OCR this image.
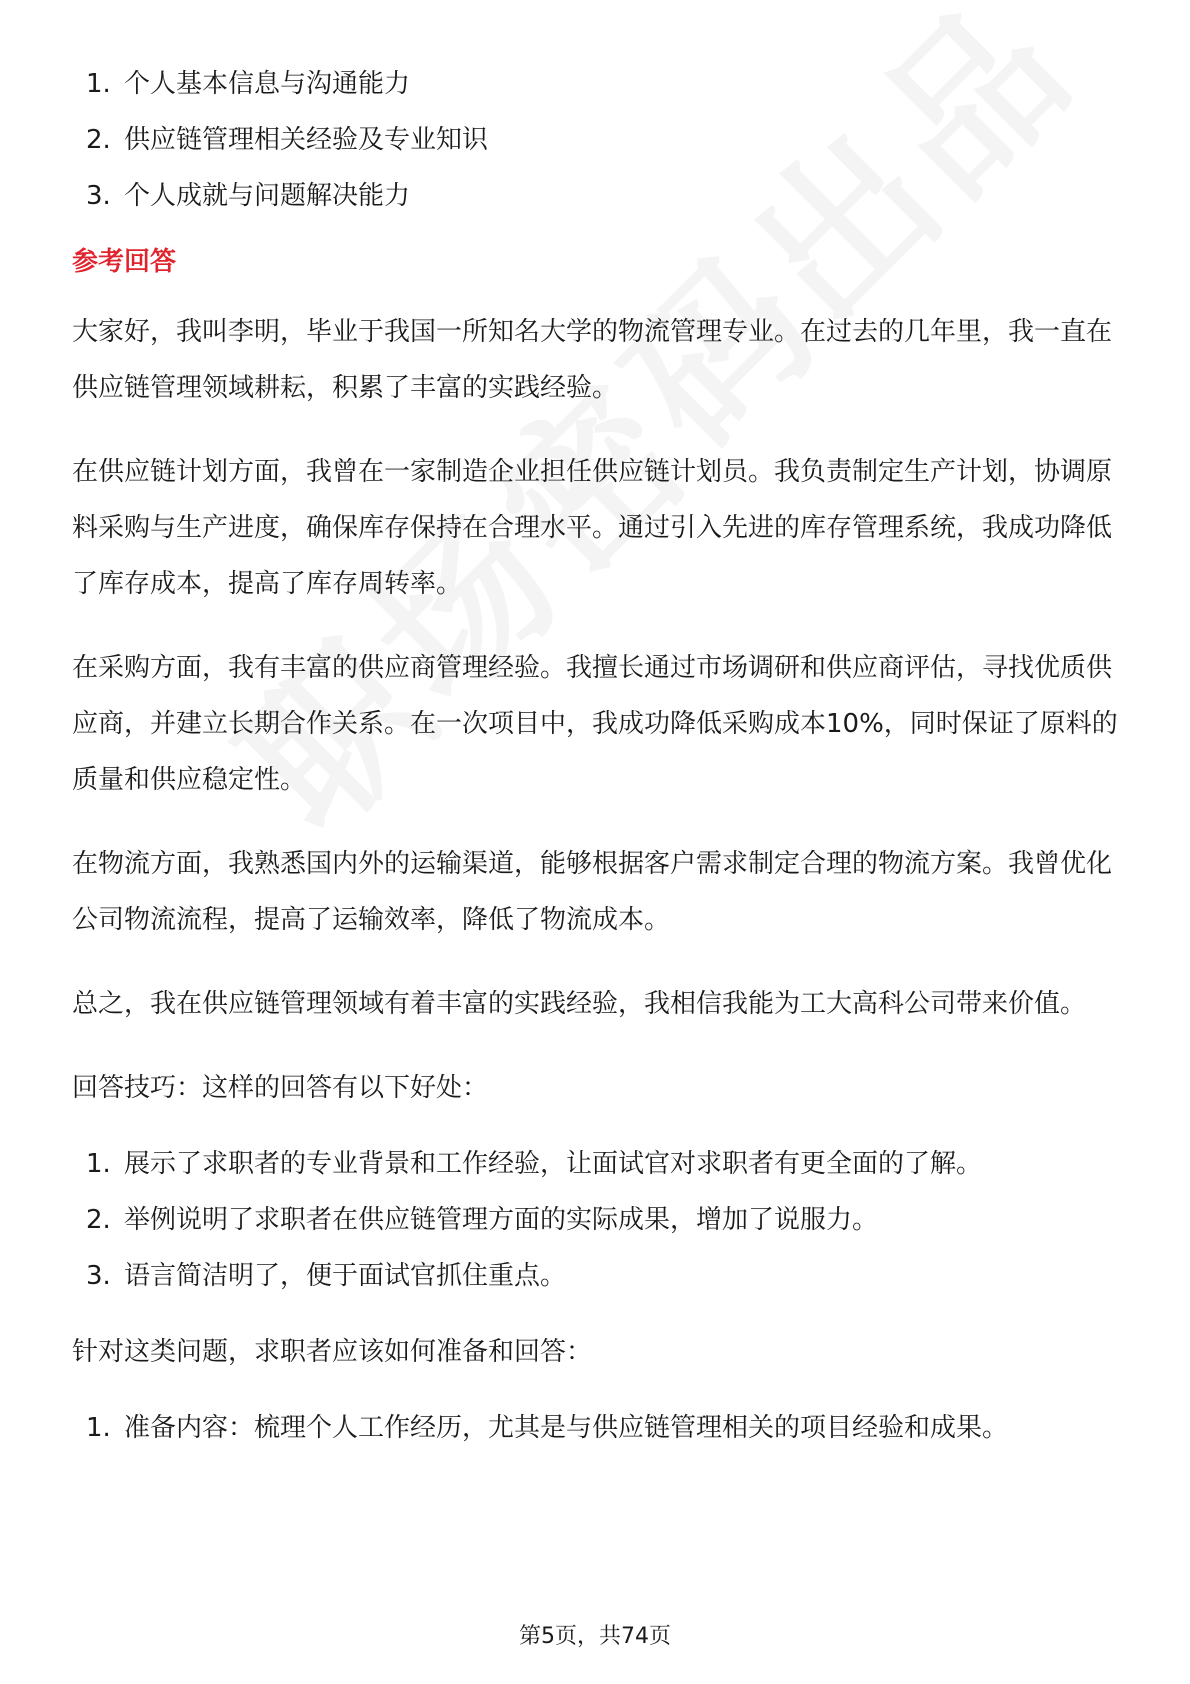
1. 个人基本信息与沟通能力
2. 供应链管理相关经验及专业知识
3. 个人成就与问题解决能力
参考回答

大家好，我叫李明，毕业于我国一所知名大学的物流管理专业。在过去的几年里，我一直在供应链管理领域耕耘，积累了丰富的实践经验。

在供应链计划方面，我曾在一家制造企业担任供应链计划员。我负责制定生产计划，协调原料采购与生产进度，确保库存保持在合理水平。通过引入先进的库存管理系统，我成功降低了库存成本，提高了库存周转率。

在采购方面，我有丰富的供应商管理经验。我擅长通过市场调研和供应商评估，寻找优质供应商，并建立长期合作关系。在一次项目中，我成功降低采购成本10%，同时保证了原料的质量和供应稳定性。

在物流方面，我熟悉国内外的运输渠道，能够根据客户需求制定合理的物流方案。我曾优化公司物流流程，提高了运输效率，降低了物流成本。

总之，我在供应链管理领域有着丰富的实践经验，我相信我能为工大高科公司带来价值。

回答技巧：这样的回答有以下好处：

1. 展示了求职者的专业背景和工作经验，让面试官对求职者有更全面的了解。
2. 举例说明了求职者在供应链管理方面的实际成果，增加了说服力。
3. 语言简洁明了，便于面试官抓住重点。

针对这类问题，求职者应该如何准备和回答：

1. 准备内容：梳理个人工作经历，尤其是与供应链管理相关的项目经验和成果。
第5页，共74页
